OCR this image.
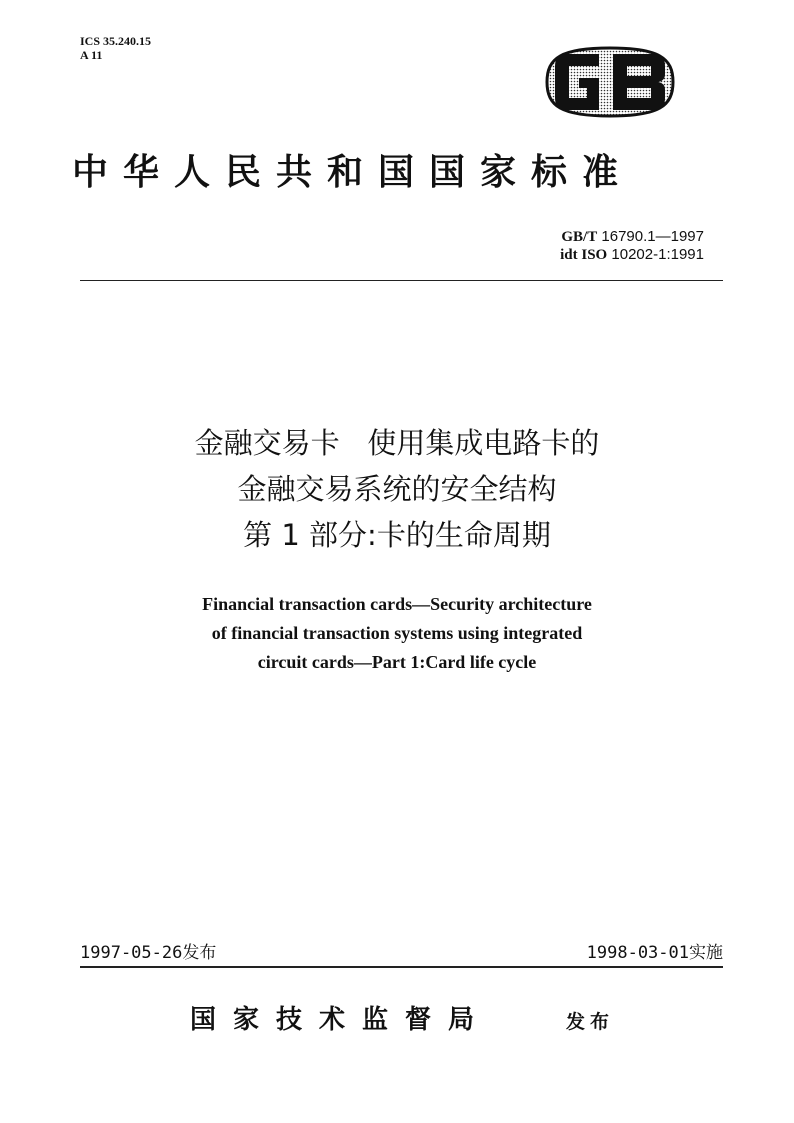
ICS 35.240.15
A 11
中华人民共和国国家标准
GB/T 16790.1—1997
idt ISO 10202-1:1991
金融交易卡   使用集成电路卡的
金融交易系统的安全结构
第 1 部分:卡的生命周期
Financial transaction cards—Security architecture
of financial transaction systems using integrated
circuit cards—Part 1:Card life cycle
1997-05-26发布	1998-03-01实施
国家技术监督局	发布
